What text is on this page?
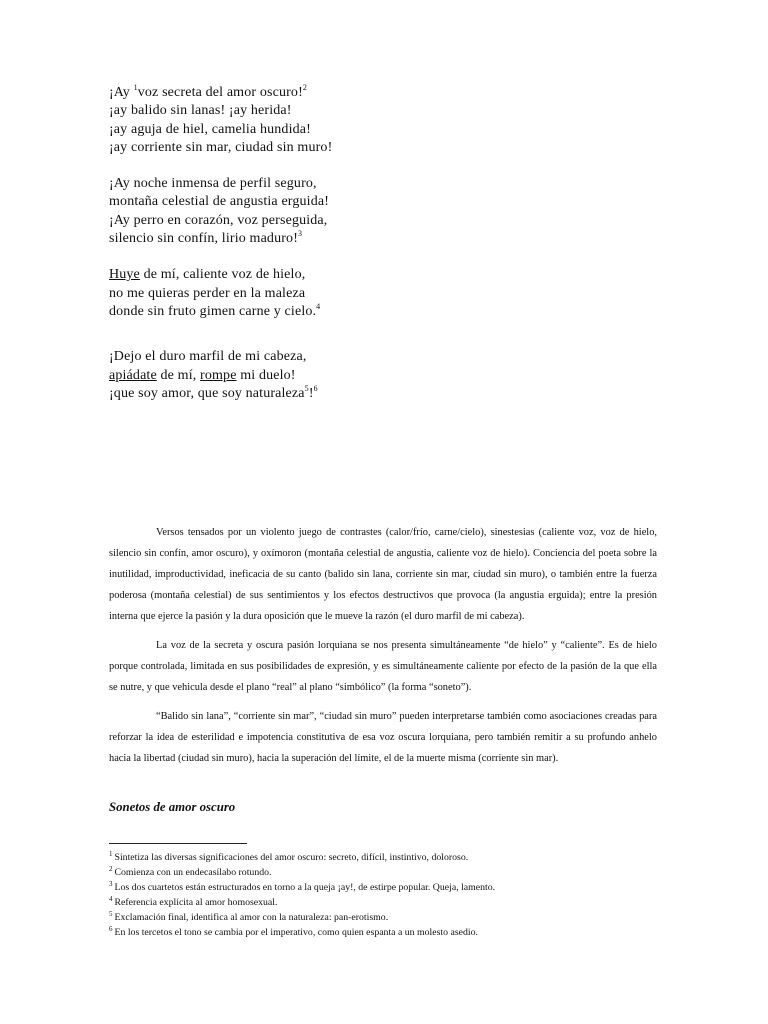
¡Ay $^1$voz secreta del amor oscuro!$^2$
¡ay balido sin lanas! ¡ay herida!
¡ay aguja de hiel, camelia hundida!
¡ay corriente sin mar, ciudad sin muro!
¡Ay noche inmensa de perfil seguro,
montaña celestial de angustia erguida!
¡Ay perro en corazón, voz perseguida,
silencio sin confín, lirio maduro!$^3$
Huye de mí, caliente voz de hielo,
no me quieras perder en la maleza
donde sin fruto gimen carne y cielo.$^4$
¡Dejo el duro marfil de mi cabeza,
apiádate de mí, rompe mi duelo!
¡que soy amor, que soy naturaleza$^5$!$^6$

Versos tensados por un violento juego de contrastes (calor/frío, carne/cielo), sinestesias (caliente voz, voz de hielo, silencio sin confín, amor oscuro), y oxímoron (montaña celestial de angustia, caliente voz de hielo). Conciencia del poeta sobre la inutilidad, improductividad, ineficacia de su canto (balido sin lana, corriente sin mar, ciudad sin muro), o también entre la fuerza poderosa (montaña celestial) de sus sentimientos y los efectos destructivos que provoca (la angustia erguida); entre la presión interna que ejerce la pasión y la dura oposición que le mueve la razón (el duro marfil de mi cabeza).

La voz de la secreta y oscura pasión lorquiana se nos presenta simultáneamente “de hielo” y “caliente”. Es de hielo porque controlada, limitada en sus posibilidades de expresión, y es simultáneamente caliente por efecto de la pasión de la que ella se nutre, y que vehicula desde el plano “real” al plano “simbólico” (la forma “soneto”).

“Balido sin lana”, “corriente sin mar”, “ciudad sin muro” pueden interpretarse también como asociaciones creadas para reforzar la idea de esterilidad e impotencia constitutiva de esa voz oscura lorquiana, pero también remitir a su profundo anhelo hacia la libertad (ciudad sin muro), hacia la superación del límite, el de la muerte misma (corriente sin mar).

Sonetos de amor oscuro
$^1$ Sintetiza las diversas significaciones del amor oscuro: secreto, difícil, instintivo, doloroso.
$^2$ Comienza con un endecasílabo rotundo.
$^3$ Los dos cuartetos están estructurados en torno a la queja ¡ay!, de estirpe popular. Queja, lamento.
$^4$ Referencia explícita al amor homosexual.
$^5$ Exclamación final, identifica al amor con la naturaleza: pan-erotismo.
$^6$ En los tercetos el tono se cambia por el imperativo, como quien espanta a un molesto asedio.
